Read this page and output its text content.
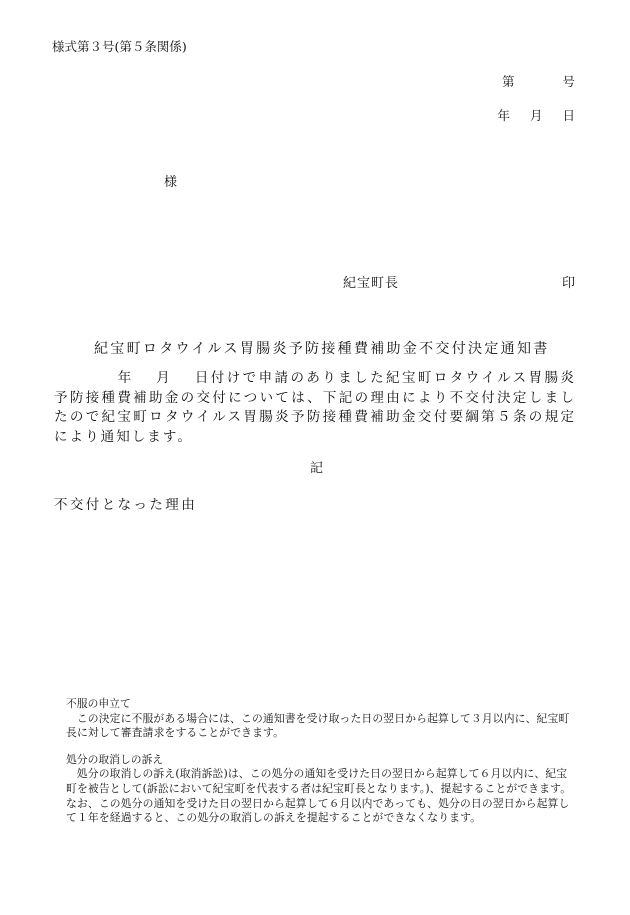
様式第３号(第５条関係)
第	号
年 月 日
様
紀宝町長	印
紀宝町ロタウイルス胃腸炎予防接種費補助金不交付決定通知書
　　　　年　 月　 日付けで申請のありました紀宝町ロタウイルス胃腸炎予防接種費補助金の交付については、下記の理由により不交付決定しましたので紀宝町ロタウイルス胃腸炎予防接種費補助金交付要綱第５条の規定により通知します。
記
不交付となった理由

不服の申立て

この決定に不服がある場合には、この通知書を受け取った日の翌日から起算して３月以内に、紀宝町長に対して審査請求をすることができます。

処分の取消しの訴え

処分の取消しの訴え(取消訴訟)は、この処分の通知を受けた日の翌日から起算して６月以内に、紀宝町を被告として(訴訟において紀宝町を代表する者は紀宝町長となります。)、提起することができます。なお、この処分の通知を受けた日の翌日から起算して６月以内であっても、処分の日の翌日から起算して１年を経過すると、この処分の取消しの訴えを提起することができなくなります。
